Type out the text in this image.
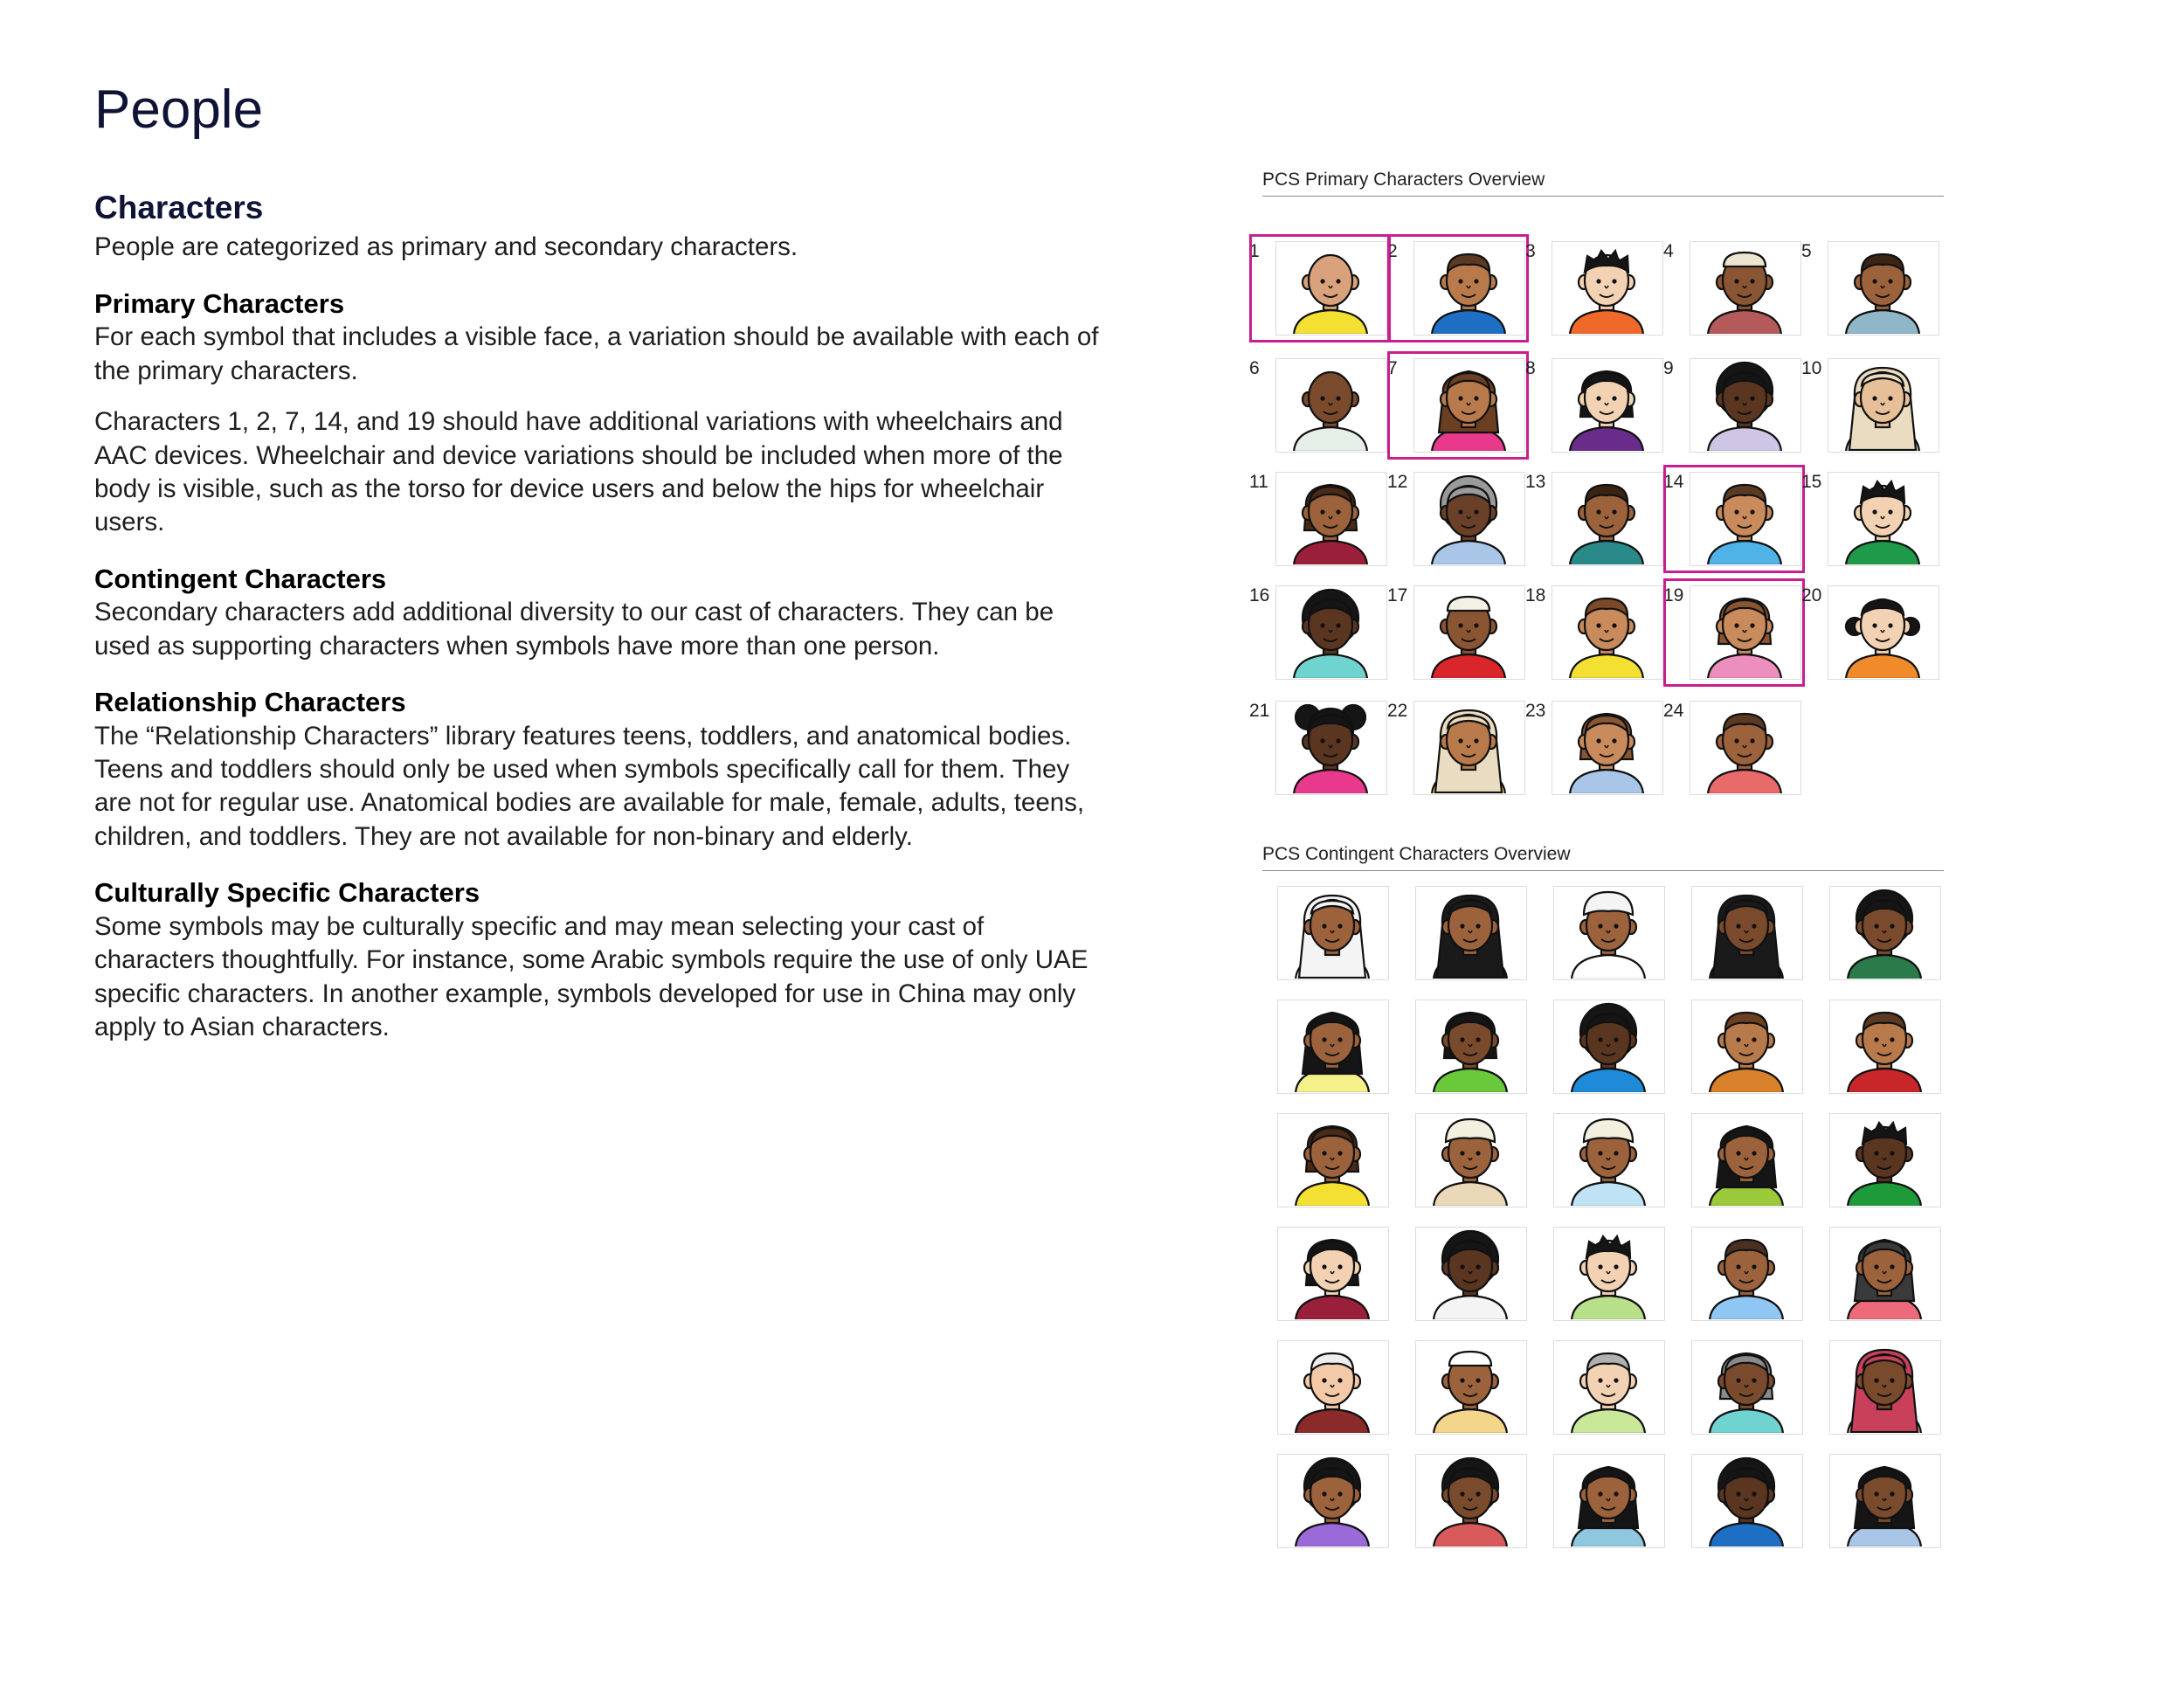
People
Characters

People are categorized as primary and secondary characters.

Primary Characters

For each symbol that includes a visible face, a variation should be available with each of the primary characters.

Characters 1, 2, 7, 14, and 19 should have additional variations with wheelchairs and AAC devices. Wheelchair and device variations should be included when more of the body is visible, such as the torso for device users and below the hips for wheelchair users.

Contingent Characters

Secondary characters add additional diversity to our cast of characters. They can be used as supporting characters when symbols have more than one person.

Relationship Characters

The “Relationship Characters” library features teens, toddlers, and anatomical bodies. Teens and toddlers should only be used when symbols specifically call for them. They are not for regular use. Anatomical bodies are available for male, female, adults, teens, children, and toddlers. They are not available for non-binary and elderly.

Culturally Specific Characters

Some symbols may be culturally specific and may mean selecting your cast of characters thoughtfully. For instance, some Arabic symbols require the use of only UAE specific characters. In another example, symbols developed for use in China may only apply to Asian characters.

PCS Primary Characters Overview
PCS Contingent Characters Overview
1	2	3	4	5
6	7	8	9	10
11	12	13	14	15
16	17	18	19	20
21	22	23	24
